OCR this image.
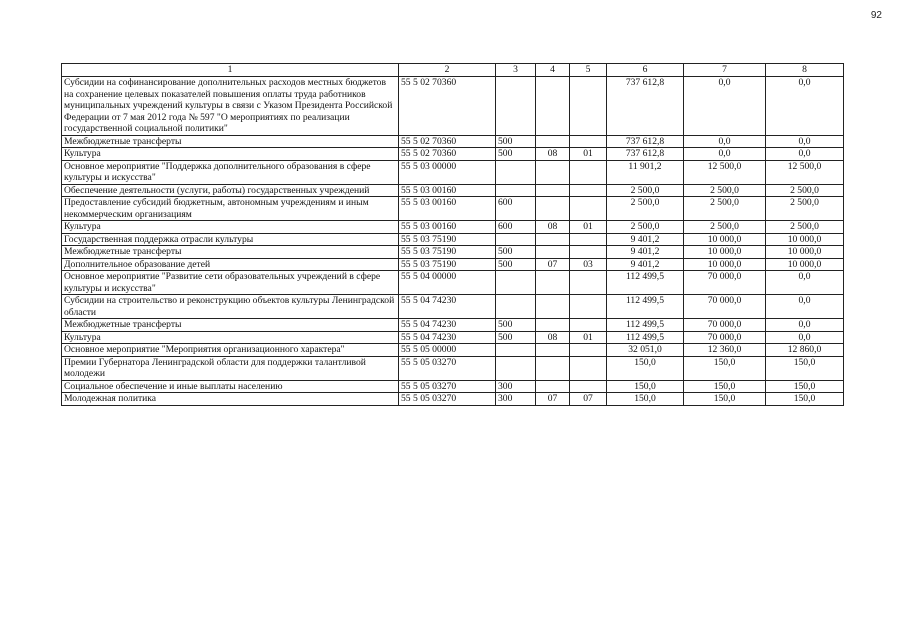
92
1	2	3	4	5	6	7	8
Субсидии на софинансирование дополнительных расходов местных бюджетов на сохранение целевых показателей повышения оплаты труда работников муниципальных учреждений культуры в связи с Указом Президента Российской Федерации от 7 мая 2012 года № 597 "О мероприятиях по реализации государственной социальной политики"	55 5 02 70360				737 612,8	0,0	0,0
Межбюджетные трансферты	55 5 02 70360	500			737 612,8	0,0	0,0
Культура	55 5 02 70360	500	08	01	737 612,8	0,0	0,0
Основное мероприятие "Поддержка дополнительного образования в сфере культуры и искусства"	55 5 03 00000				11 901,2	12 500,0	12 500,0
Обеспечение деятельности (услуги, работы) государственных учреждений	55 5 03 00160				2 500,0	2 500,0	2 500,0
Предоставление субсидий бюджетным, автономным учреждениям и иным некоммерческим организациям	55 5 03 00160	600			2 500,0	2 500,0	2 500,0
Культура	55 5 03 00160	600	08	01	2 500,0	2 500,0	2 500,0
Государственная поддержка отрасли культуры	55 5 03 75190				9 401,2	10 000,0	10 000,0
Межбюджетные трансферты	55 5 03 75190	500			9 401,2	10 000,0	10 000,0
Дополнительное образование детей	55 5 03 75190	500	07	03	9 401,2	10 000,0	10 000,0
Основное мероприятие "Развитие сети образовательных учреждений в сфере культуры и искусства"	55 5 04 00000				112 499,5	70 000,0	0,0
Субсидии на строительство и реконструкцию объектов культуры Ленинградской области	55 5 04 74230				112 499,5	70 000,0	0,0
Межбюджетные трансферты	55 5 04 74230	500			112 499,5	70 000,0	0,0
Культура	55 5 04 74230	500	08	01	112 499,5	70 000,0	0,0
Основное мероприятие "Мероприятия организационного характера"	55 5 05 00000				32 051,0	12 360,0	12 860,0
Премии Губернатора Ленинградской области для поддержки талантливой молодежи	55 5 05 03270				150,0	150,0	150,0
Социальное обеспечение и иные выплаты населению	55 5 05 03270	300			150,0	150,0	150,0
Молодежная политика	55 5 05 03270	300	07	07	150,0	150,0	150,0
